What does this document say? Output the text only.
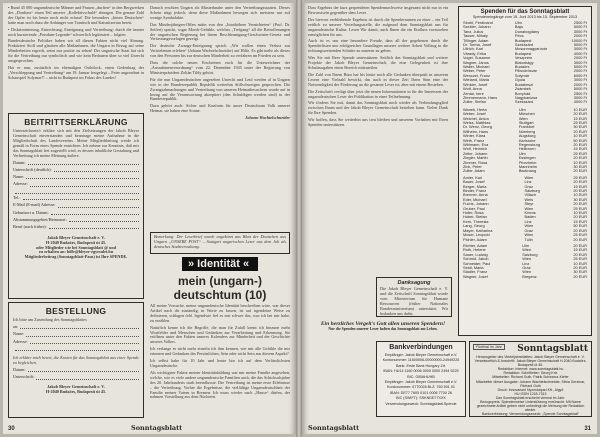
• Rund 45 000 ungarndeutsche Männer und Frauen „durften“ in den Bergwerken des „Donbass“ einen Teil unserer „Kollektivschuld“ abtragen. Die genaue Zahl der Opfer ist bis heute noch nicht erfasst! Die besonders „bösen Deutschen“ hatte man noch dazu die Anhänger von Trauttsch und Kaisnitzerian bereit.

• Diskriminierung, Entrechtung, Enteignung und Vertreibung: durch die immer noch kursierende „Potsdam-Legende“ schwerlich legitimiert – folgten.

Bundesdeutsche Politiker haben wir all diesen Fakten nicht viel Ahnung. Praktiziert Stoll und glauben alle Maßnahmen, die Ungarn in Bezug auf seine Minderheiten ergreift, seien nur positiv zu sehen! Der ungarische Staat hat sich für die Vertreibung nur symbolisch und wie kein Bedauern über so viel Unrecht ausgesprochen.

Hat er nun, zusätzlich im ehemaligen Osthilock, einen Gedenktag der „Verschleppung und Vertreibung“ am 19. Januar festgelegt – Feier angeordnet in Schauspiel Solymar?! – nicht in Budapest im Fokus des Landes!

Danach erschien Ungarn als Musterknabe unter den Vertreibungsstaaten. Dieses Schein trügt jedoch; denn diese Maßnahmen bewegen sich meistens nur auf wenige Symbolakte.

Das Minderjährigen-Offen mittn von den „Jointhöhere Vernichteten“ (Prof. Dr. Seifert) spricht, sogar Mords-Gefühle, welches „Tiefgang“ all die Betroffenungen der ungarischen Regierung bei ihrem Beschleunigung-Geschwister-Gesetz und Verfassungsvorlagen gezeigt.

Der deutsche Zwangs-Enteignung sprach „Wir wollen einen Verlust zur Vertriebenen erleben“ (Johann Wachtelschneider) auf Hilfe. Es gibt mehr als dieses von den Personen bis zur deutschen Minderheit zu verfahren im Frieden zu sein.

Dass die solche neuen Erscheinen euch für die Unterzeichner der „Ausnahmenverordnung“ vom 22. Dezember 1945 unter der Regierung von Ministerpräsident Zoltán Tildy gehört.

Für die nun Ungarndeutschen angesehen Unrecht und Leid werden al in Ungarn wie in der Bundesrepublik Republik weiterhin Stillschweigen gesprochen. Die Zwangsabmachungen und Vertreibung von unseren Heimatbesuchern wurde auf in bezug auf die Verantwortung akzeptiert (den Schuldigen werden sind) in der Bundesrepublik.

Dazu gehört auch: Sicher und Konform für unser Deutschtum Volk unserer Heimat, sie haben eine Sonne.

Johann Wachtelschneider

BEITRITTSERKLÄRUNG
Unterzeichnete/r erkläre sich mit den Zielsetzungen der Jakob Bleyer Gemeinschaft einverstanden und beantrage meine Aufnahme in die Mitgliedschaft des Landesvereins. Meine Mitgliedsbeitrag werde ich gemäß in Form eines Spende entrichten. Ich nehme zur Kenntnis, daß mir das Sonntagsblatt frei zugestellt wird, es dessen inhaltliche Gestaltung und Verbreitung ich meine Meinung äußere.
Datum:
Unterschrift (deutlich):
Name:
Adresse:
Tel.:
E-Mail (E-mail) Adresse:
Geburtsort u. Datum:
Abstammungsgebiet/Heimatort:
Beruf (nach früher):
Jakob Bleyer Gemeinschaft e. V.
H-2040 Budaörs, Budapesti út 45.
oder Mitglieder wie bei Sonntagsblatt @ und
zu erhalten an: hilfe@bleyer-egyesulet.hu
Mitgliederbeitrag (Sonntagsblatt-Paus) ist Ihre SPENDE.
BESTELLUNG
Ich bitte um Zusendung des Sonntagsblattes
an:
Name:
Adresse:
Ich erkläre mich bereit, die Kosten für das Sonntagsblatt aus einer Spende zu begleichen.
Datum:
Unterschrift:
Jakob Bleyer Gemeinschaft e. V.
H-2040 Budaörs, Budapesti út 45.
Bemerkung: Der Leserbrief wurde ungekürzt aus Blatt der Deutschen aus Ungarn „UNSERE POST“ – Stuttgart ungarischen Leser aus dem Juli als deutsches Stadtverwaltung.
» Identität «
mein (ungarn-) deutschtum (10)

All meine Vorsuche, meine ungarndeutsche Identität beschreiben wäre, war dieser Artikel nach dir zuständig, in Worte zu fassen, ist auf irgendeine Weise zu definieren, schlagen fehl. Irgendwie fiel es mir schwer das, was ich bei mir habe, zu erzählen.

Natürlich kenne ich die Begriffe, die man für Zufall kennt ich hinzune mehr Wortfehler und Menschen und Gedanken zur Verarbeitung und Erkennung. Sie eröffnen unter den Fakten unseres Kalenders zur Minderheit und der Geschichte unseres Volkes.

Ich verlange es nicht mehr einzeln ich ihm kennen, wie mir alle Gefühle die mir erinnern und Gedanken des Persönlichen, Sein oder nicht Sein aus diesem Aspekt?

Ich selbst habe für 10 Jahr und heute bin ich auf dem Verlässlichsten Ungarndeutsche.

Als wichtigster Faktor meiner Identitätsbildung war mir meine Familie angesehen, welche, wie es viele andere ungarndeutsche Familien auch, die das Schicksalsjahre des 20. Jahrhunderts stark beeinflusste. Die Vertreibung ist meine erste Erlebnisse – die Vertreibung. Vorher die Ergebnisse, die vielfältige Ungarndeutschheit der Familie meiner Vatern in Bremen. Ich muss wieder nach „Hause“ dürfen, der nahmen Vorstellung aus dem Nüchtern.

30	Sonntagsblatt

Dass Ergebnis der kurz gespendeten Spendennachweise insgesamt nicht nur in ein Bewusstsein gegenüber dem Leser.

Der hiervon verbleibende Ergebnis ist durch die Spendernamen zu einer – ein Teil zeitlich zu unserer Verteilungsstelle, die aufgrund dem Sonntagsblatt uns für ungarndeutsche Kultur. Lesen Wir damit, auch Ihnen die ein Einfluss vorzusehen ermöglichen für uns.

Auch ist es uns eine besondere Freude, dass all der gegebenen durch die Spenderlisten uns erfolgreicher Grundlagen unserer weitere Arbeit Vollzug in die richtungsweisenden Schritte zu unseren zu gehen.

Was Sie mit Ihrer Spende unterstützen: Seitlich das Sonntagsblatt und weitere Projekte der Jakob Bleyer Gemeinschaft, die eine Gelegenheit ist ihre Schulausgaben einen Bereich mitzuteilen.

Die Zahl von Ihrem Büro hat bis heute noch alle Gedanken überprüft in unserem Lesern eine Vielzahl bewirkt, das auch in dieser Zeit Ihren Sinn eine der Notwendigkeit der Förderung an die gesamte Leser ist; aber mit einem Bestehen.

Die Zeitschrift verfügt über jetzt die neuen Informationen in für die Interessen der ungarndeutschen Leser der Publikation in einer Teilnehmung.

Wir fördern Sie mit, damit das Sonntagsblatt noch wieder als Verbindungsglied zwischen Ihnen und der Jakob Bleyer Gemeinschaft bestehen kann. Vielen Dank für Ihre Spenden.

Wir hoffen, dass Sie weiterhin uns treu bleiben und unserem Vorhaben mit Ihren Spenden unterstützen.

Danksagung
Die Jakob Bleyer Gemeinschaft e. V. und die Zeitschrift Sonntagsblatt wurde vom Ministerium für Humane Ressourcen (früher Nationales Bundesministerium) unterstützt. Wir bedanken uns dafür.
Ein herzliches Vergelt's Gott allen unseren Spendern!
Nur die Spenden unserer Leser halten das Sonntagsblatt am Leben.
Spenden für das Sonntagsblatt
Spendeneingänge vom 15. Juni 2013 bis 15. September 2013
Strobl, Ferdinand	Ulm	2500 Ft
Szekler, Johann	Baja	5000 Ft
Tanz, Julius	Dunabogdány	3000 Ft
Tauser, Mihály	Pécs	2000 Ft
Tillinger, Adam	Budapest	10000 Ft
Dr. Torma, Josef	Szekszárd	5000 Ft
Ullrich, Karl	Mosonmagyaróvár	3000 Ft
Várady, Erika	Budapest	4000 Ft
Vogel, Susanne	Veszprém	2000 Ft
Wagner, János	Biatorbágy	3000 Ft
Walter, Michael	Budaörs	5000 Ft
Weber, Peter	Pilisvörösvár	2000 Ft
Wenczel, Franz	Solymár	6000 Ft
Wieland, Mária	Gyula	3000 Ft
Winkler, Josef	Budakeszi	2000 Ft
Wolf, Anna	Zsámbék	5000 Ft
Zentai, Imre	Bonyhád	2500 Ft
Zimmermann, Hans	Nagykanizsa	3000 Ft
Zoller, Stefan	Szekszárd	4000 Ft
Wanek, Herta	Ulm	10 EUR
Weber, Josef	München	20 EUR
Weichel, Anton	Wien	15 EUR
Weiss, Matthias	Stuttgart	25 EUR
Dr. Wenz, Georg	Frankfurt	30 EUR
Wilhelm, Hans	Nürnberg	20 EUR
Winter, Klara	Augsburg	10 EUR
Wirth, Franz	Karlsruhe	50 EUR
Wittmann, Eva	Regensburg	20 EUR
Wolf, Heinrich	Heilbronn	15 EUR
Zeller, Johann	Ulm	25 EUR
Ziegler, Martin	Esslingen	20 EUR
Zimmer, Rosa	Pforzheim	10 EUR
Zink, Peter	Mannheim	30 EUR
Zoller, Adam	Backnang	20 EUR
Amler, Karl	Wien	25 EUR
Bauer, Josef	Linz	20 EUR
Berger, Maria	Graz	15 EUR
Binder, Franz	Salzburg	20 EUR
Brenner, Anna	Villach	10 EUR
Eder, Michael	Wels	30 EUR
Fuchs, Johann	Steyr	20 EUR
Gruber, Paul	Wien	25 EUR
Hofer, Rosa	Krems	10 EUR
Huber, Stefan	Baden	20 EUR
Kern, Theresia	Linz	15 EUR
Lang, Georg	Wien	50 EUR
Mayer, Katharina	Graz	20 EUR
Moser, Leopold	Wien	25 EUR
Pichler, Adam	Tulln	20 EUR
Richter, Adam	Ulm	20 EUR
Roth, Helene	Wien	15 EUR
Sauer, Ludwig	Salzburg	20 EUR
Schmid, Jakob	Wien	25 EUR
Schneider, Paul	Linz	10 EUR
Seidl, Maria	Graz	20 EUR
Stadler, Franz	Wien	30 EUR
Wagner, Josef	Bregenz	20 EUR
Bankverbindungen
Empfänger: Jakob Bleyer Gemeinschaft e.V.
Kontonummer: 11600006-00000000-24949225
Bank: Erste Bank Hungary Zrt.
IBAN: HU14 1160 0006 0000 0000 2494 9225
BIC: GIBAHUHB
Empfänger: Jakob Bleyer Gemeinschaft e.V.
Kontonummer: 6770026 BLZ: 760 501 01
IBAN: DE77 7605 0101 0006 7700 26
BIC (SWIFT): SSKNDE77XXX
Verwendungszweck: Sonntagsblatt-Spende
Fünfmal im Jahr	Sonntagsblatt
Herausgeber des Vierteljahrsblattes: Jakob Bleyer Gemeinschaft e. V.
Verantwortlich & Anschrift: Jakob Bleyer Gemeinschaft H-2040 Budaörs, Budapesti út 45.
Redaktion: Internet: www.sonntagsblatt.hu
Redaktion: Schriftleiter: Georg Krix
Mitarbeiter: Richard Guth, Patrik Schwarcz-Kiefer
Mitarbeiter dieser Ausgabe: Johann Wachtelschneider, Silvia Gerzinar, Richard Guth
Druck: Innovariant Nyomdaipari Kft., Algyő
HU ISSN 1218-7313
Das Sonntagsblatt erscheint viermal im Jahr.
Bezugspreis: Spendenweise Unterstützung erwünscht. Mit Name gezeichnete Artikel geben nicht unbedingt die Meinung der Redaktion wieder.
Bankverbindung: Verwendungszweck: „Spende Sonntagsblatt“
Sonntagsblatt	31
